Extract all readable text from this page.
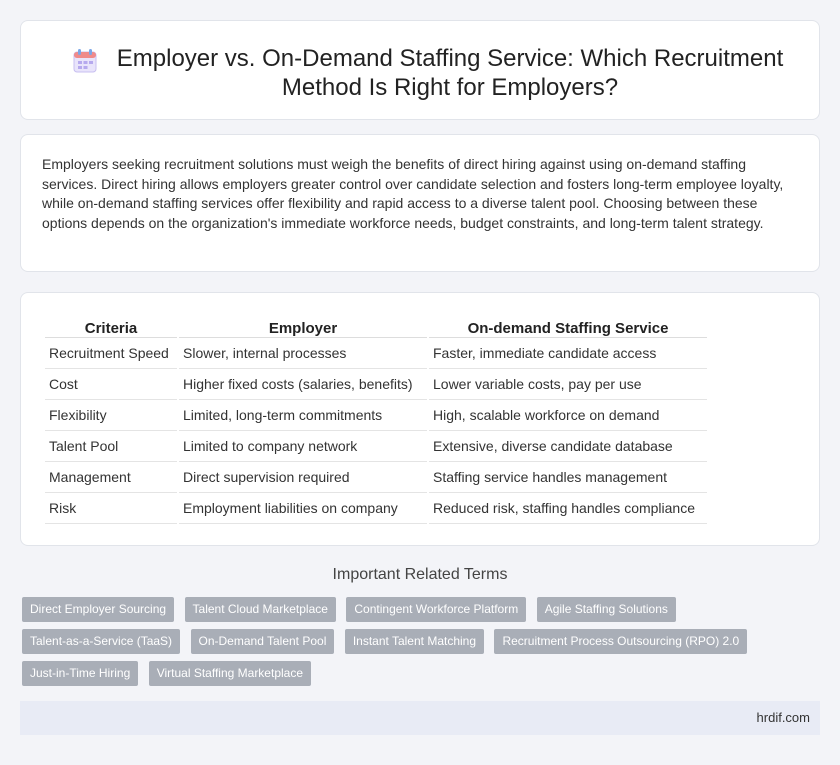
Employer vs. On-Demand Staffing Service: Which Recruitment Method Is Right for Employers?

Employers seeking recruitment solutions must weigh the benefits of direct hiring against using on-demand staffing services. Direct hiring allows employers greater control over candidate selection and fosters long-term employee loyalty, while on-demand staffing services offer flexibility and rapid access to a diverse talent pool. Choosing between these options depends on the organization's immediate workforce needs, budget constraints, and long-term talent strategy.

Criteria	Employer	On-demand Staffing Service
Recruitment Speed	Slower, internal processes	Faster, immediate candidate access
Cost	Higher fixed costs (salaries, benefits)	Lower variable costs, pay per use
Flexibility	Limited, long-term commitments	High, scalable workforce on demand
Talent Pool	Limited to company network	Extensive, diverse candidate database
Management	Direct supervision required	Staffing service handles management
Risk	Employment liabilities on company	Reduced risk, staffing handles compliance
Important Related Terms
Direct Employer Sourcing Talent Cloud Marketplace Contingent Workforce Platform Agile Staffing Solutions Talent-as-a-Service (TaaS) On-Demand Talent Pool Instant Talent Matching Recruitment Process Outsourcing (RPO) 2.0 Just-in-Time Hiring Virtual Staffing Marketplace
hrdif.com
